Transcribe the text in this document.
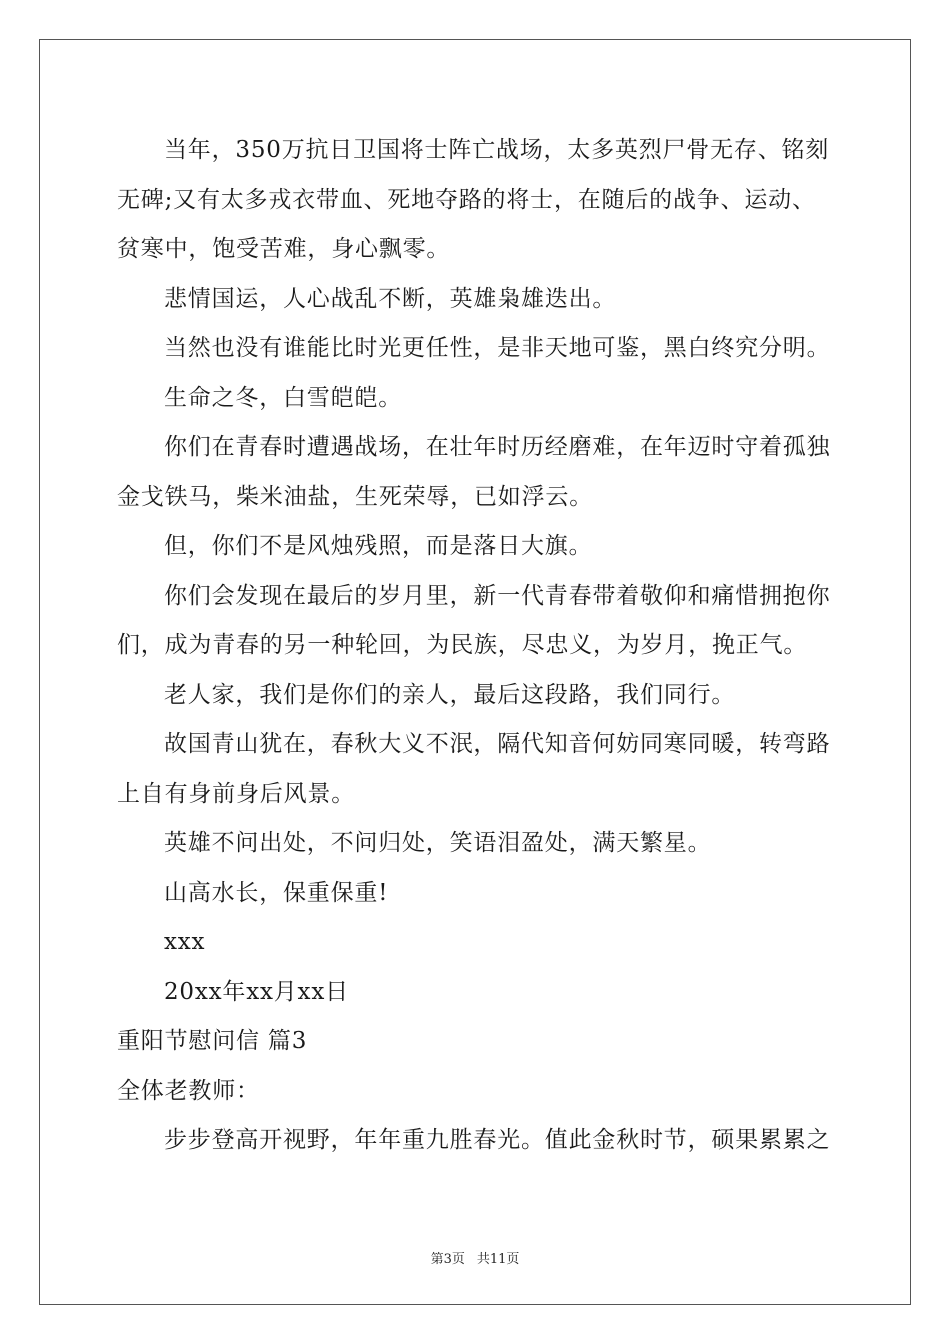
当年，350万抗日卫国将士阵亡战场，太多英烈尸骨无存、铭刻
无碑;又有太多戎衣带血、死地夺路的将士，在随后的战争、运动、
贫寒中，饱受苦难，身心飘零。
悲情国运，人心战乱不断，英雄枭雄迭出。
当然也没有谁能比时光更任性，是非天地可鉴，黑白终究分明。
生命之冬，白雪皑皑。
你们在青春时遭遇战场，在壮年时历经磨难，在年迈时守着孤独
金戈铁马，柴米油盐，生死荣辱，已如浮云。
但，你们不是风烛残照，而是落日大旗。
你们会发现在最后的岁月里，新一代青春带着敬仰和痛惜拥抱你
们，成为青春的另一种轮回，为民族，尽忠义，为岁月，挽正气。
老人家，我们是你们的亲人，最后这段路，我们同行。
故国青山犹在，春秋大义不泯，隔代知音何妨同寒同暖，转弯路
上自有身前身后风景。
英雄不问出处，不问归处，笑语泪盈处，满天繁星。
山高水长，保重保重!
xxx
20xx年xx月xx日
重阳节慰问信 篇3
全体老教师：
步步登高开视野，年年重九胜春光。值此金秋时节，硕果累累之
第3页 共11页
